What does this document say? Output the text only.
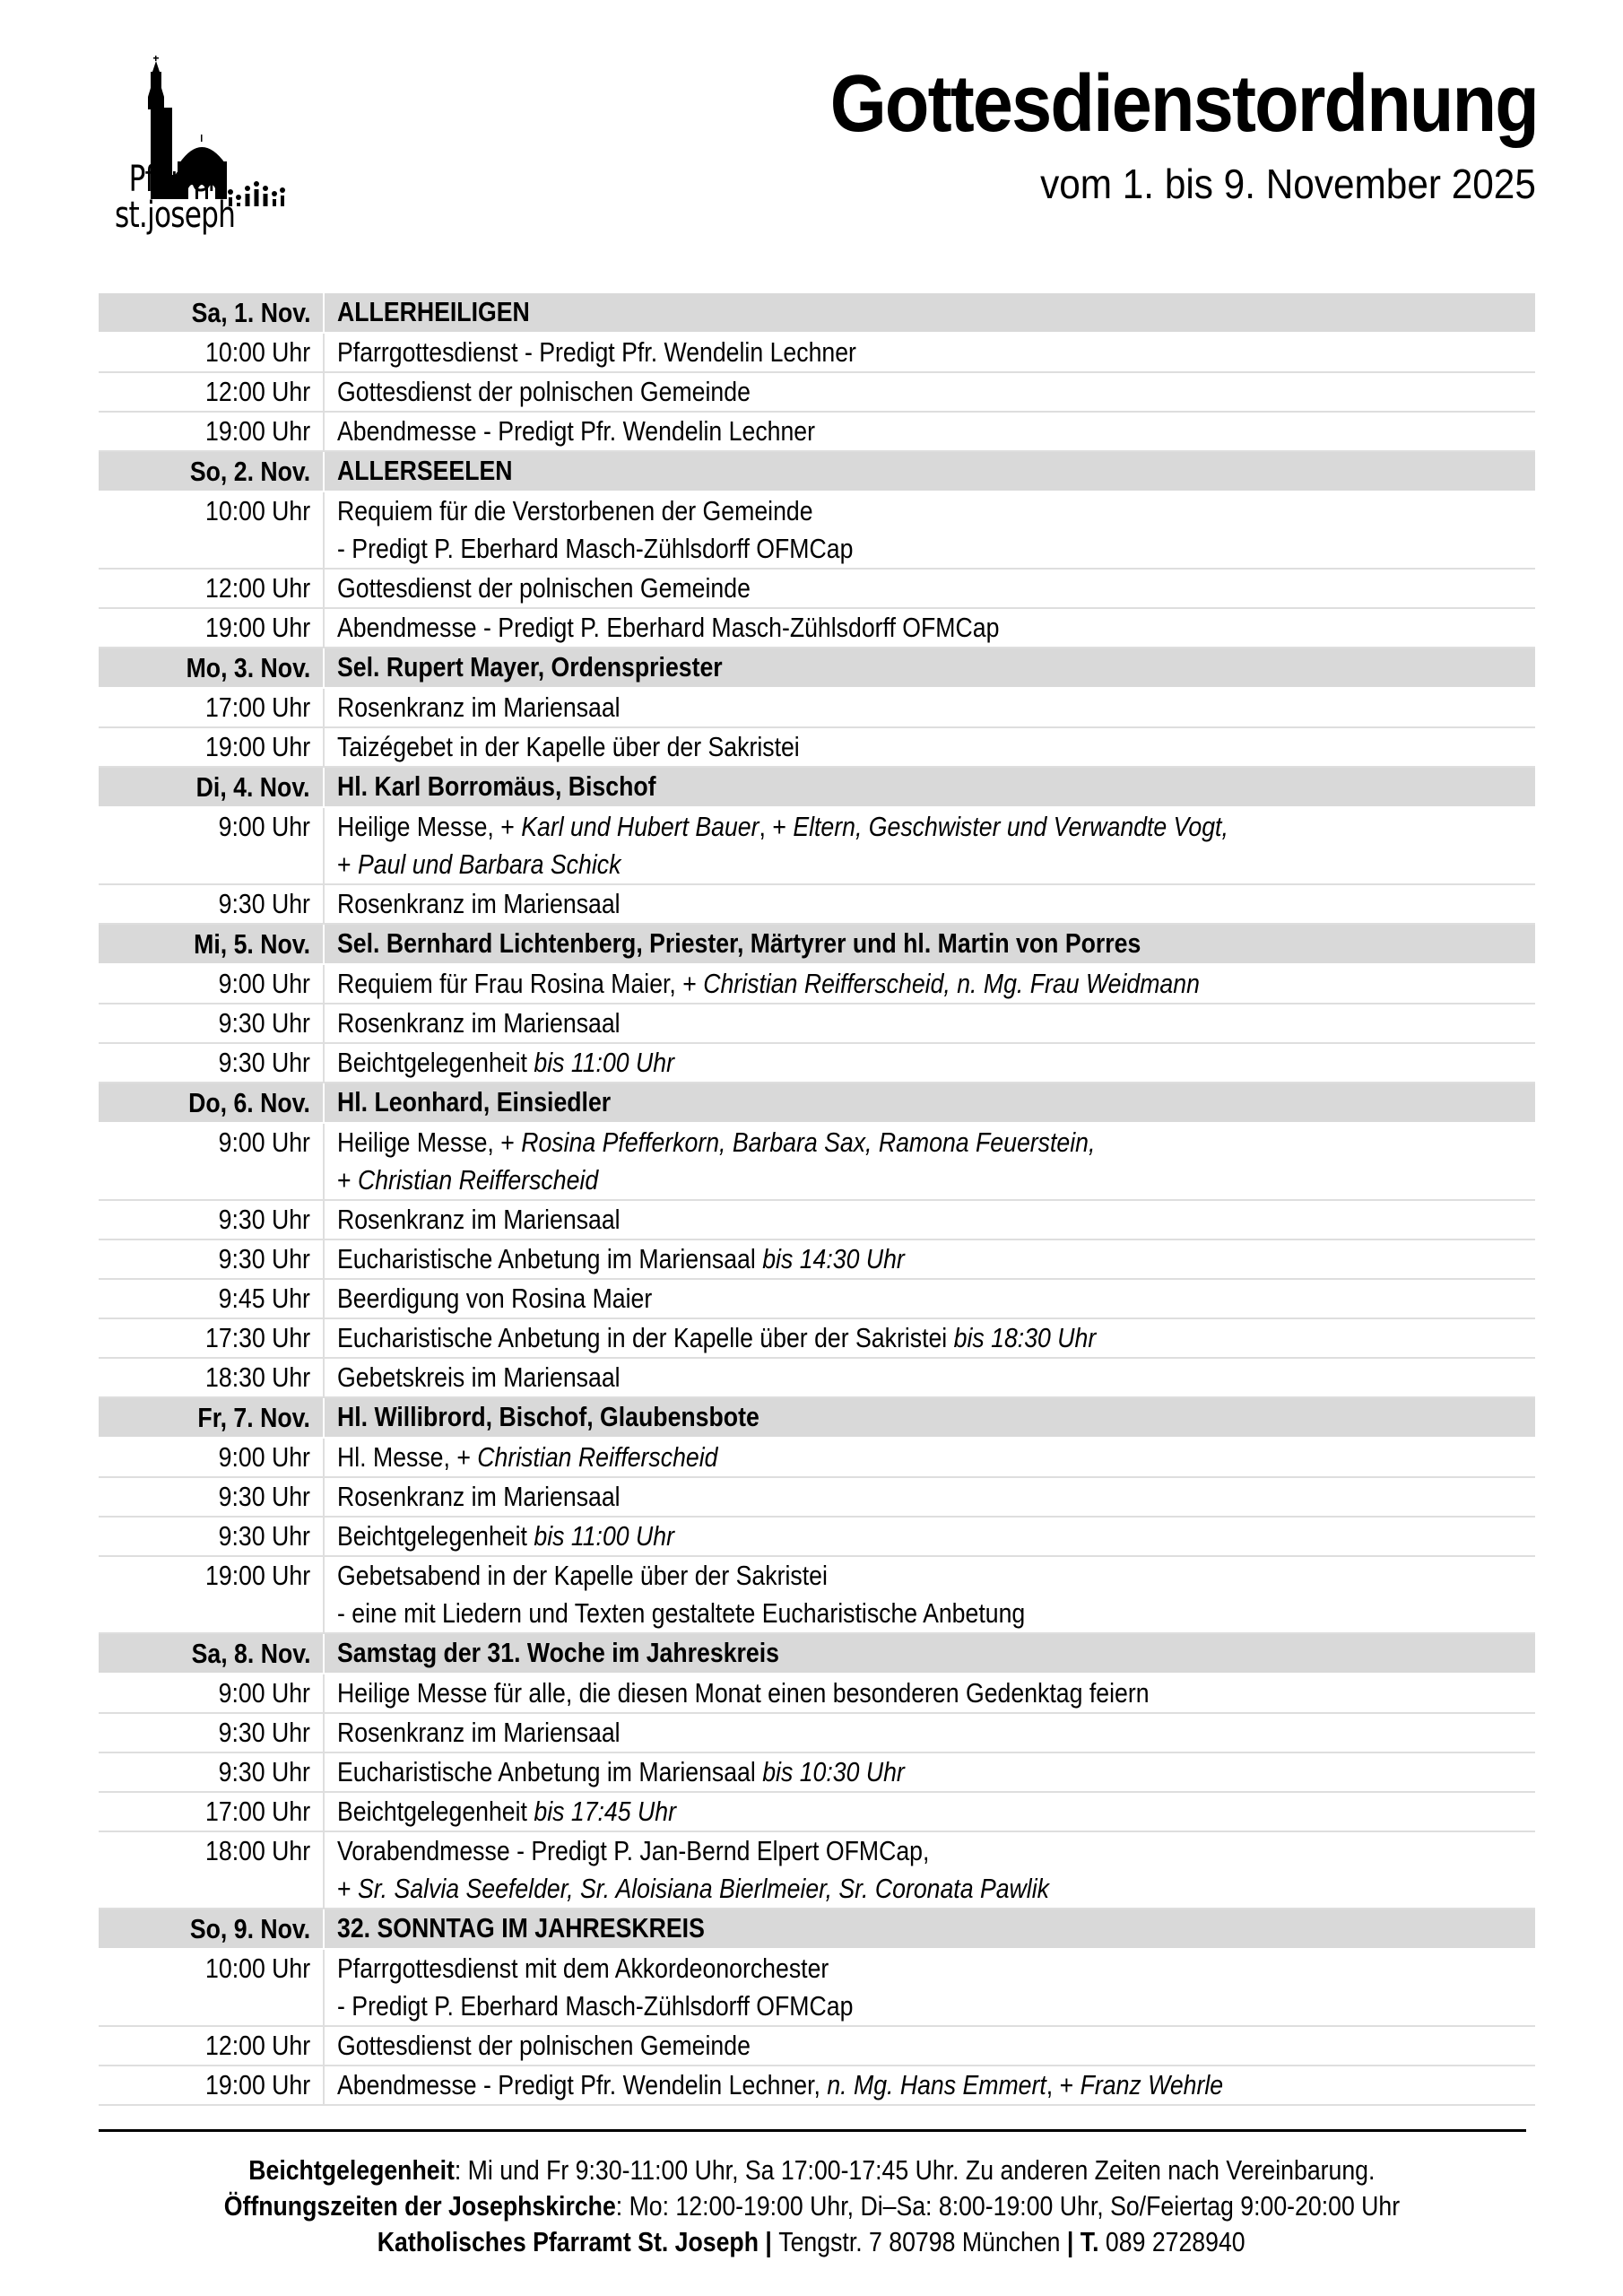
Pfarrei
st.joseph
Gottesdienstordnung
vom 1. bis 9. November 2025
Sa, 1. Nov. ALLERHEILIGEN
10:00 Uhr Pfarrgottesdienst - Predigt Pfr. Wendelin Lechner
12:00 Uhr Gottesdienst der polnischen Gemeinde
19:00 Uhr Abendmesse - Predigt Pfr. Wendelin Lechner
So, 2. Nov. ALLERSEELEN
10:00 Uhr Requiem für die Verstorbenen der Gemeinde
- Predigt P. Eberhard Masch-Zühlsdorff OFMCap
12:00 Uhr Gottesdienst der polnischen Gemeinde
19:00 Uhr Abendmesse - Predigt P. Eberhard Masch-Zühlsdorff OFMCap
Mo, 3. Nov. Sel. Rupert Mayer, Ordenspriester
17:00 Uhr Rosenkranz im Mariensaal
19:00 Uhr Taizégebet in der Kapelle über der Sakristei
Di, 4. Nov. Hl. Karl Borromäus, Bischof
9:00 Uhr Heilige Messe, + Karl und Hubert Bauer, + Eltern, Geschwister und Verwandte Vogt,
+ Paul und Barbara Schick
9:30 Uhr Rosenkranz im Mariensaal
Mi, 5. Nov. Sel. Bernhard Lichtenberg, Priester, Märtyrer und hl. Martin von Porres
9:00 Uhr Requiem für Frau Rosina Maier, + Christian Reifferscheid, n. Mg. Frau Weidmann
9:30 Uhr Rosenkranz im Mariensaal
9:30 Uhr Beichtgelegenheit bis 11:00 Uhr
Do, 6. Nov. Hl. Leonhard, Einsiedler
9:00 Uhr Heilige Messe, + Rosina Pfefferkorn, Barbara Sax, Ramona Feuerstein,
+ Christian Reifferscheid
9:30 Uhr Rosenkranz im Mariensaal
9:30 Uhr Eucharistische Anbetung im Mariensaal bis 14:30 Uhr
9:45 Uhr Beerdigung von Rosina Maier
17:30 Uhr Eucharistische Anbetung in der Kapelle über der Sakristei bis 18:30 Uhr
18:30 Uhr Gebetskreis im Mariensaal
Fr, 7. Nov. Hl. Willibrord, Bischof, Glaubensbote
9:00 Uhr Hl. Messe, + Christian Reifferscheid
9:30 Uhr Rosenkranz im Mariensaal
9:30 Uhr Beichtgelegenheit bis 11:00 Uhr
19:00 Uhr Gebetsabend in der Kapelle über der Sakristei
- eine mit Liedern und Texten gestaltete Eucharistische Anbetung
Sa, 8. Nov. Samstag der 31. Woche im Jahreskreis
9:00 Uhr Heilige Messe für alle, die diesen Monat einen besonderen Gedenktag feiern
9:30 Uhr Rosenkranz im Mariensaal
9:30 Uhr Eucharistische Anbetung im Mariensaal bis 10:30 Uhr
17:00 Uhr Beichtgelegenheit bis 17:45 Uhr
18:00 Uhr Vorabendmesse - Predigt P. Jan-Bernd Elpert OFMCap,
+ Sr. Salvia Seefelder, Sr. Aloisiana Bierlmeier, Sr. Coronata Pawlik
So, 9. Nov. 32. SONNTAG IM JAHRESKREIS
10:00 Uhr Pfarrgottesdienst mit dem Akkordeonorchester
- Predigt P. Eberhard Masch-Zühlsdorff OFMCap
12:00 Uhr Gottesdienst der polnischen Gemeinde
19:00 Uhr Abendmesse - Predigt Pfr. Wendelin Lechner, n. Mg. Hans Emmert, + Franz Wehrle
Beichtgelegenheit: Mi und Fr 9:30-11:00 Uhr, Sa 17:00-17:45 Uhr. Zu anderen Zeiten nach Vereinbarung.
Öffnungszeiten der Josephskirche: Mo: 12:00-19:00 Uhr, Di–Sa: 8:00-19:00 Uhr, So/Feiertag 9:00-20:00 Uhr
Katholisches Pfarramt St. Joseph | Tengstr. 7 80798 München | T. 089 2728940
